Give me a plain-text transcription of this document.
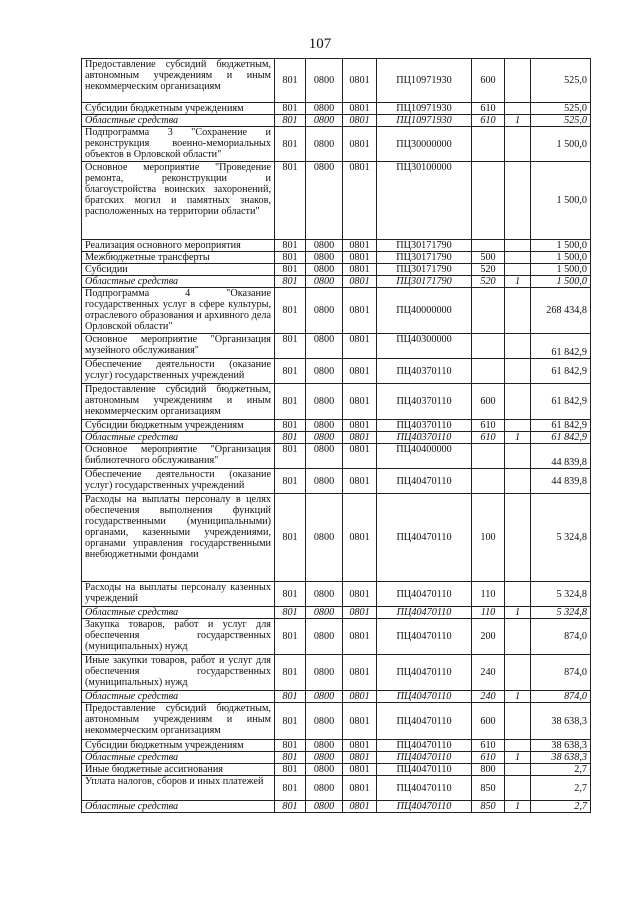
107
Предоставление субсидий бюджетным, автономным учреждениям и иным некоммерческим организациям	801	0800	0801	ПЦ10971930	600		525,0
Субсидии бюджетным учреждениям	801	0800	0801	ПЦ10971930	610		525,0
Областные средства	801	0800	0801	ПЦ10971930	610	1	525,0
Подпрограмма 3 "Сохранение и реконструкция военно-мемориальных объектов в Орловской области"	801	0800	0801	ПЦ30000000			1 500,0
Основное мероприятие "Проведение ремонта, реконструкции и благоустройства воинских захоронений, братских могил и памятных знаков, расположенных на территории области"	801	0800	0801	ПЦ30100000			1 500,0
Реализация основного мероприятия	801	0800	0801	ПЦ30171790			1 500,0
Межбюджетные трансферты	801	0800	0801	ПЦ30171790	500		1 500,0
Субсидии	801	0800	0801	ПЦ30171790	520		1 500,0
Областные средства	801	0800	0801	ПЦ30171790	520	1	1 500,0
Подпрограмма 4 "Оказание государственных услуг в сфере культуры, отраслевого образования и архивного дела Орловской области"	801	0800	0801	ПЦ40000000			268 434,8
Основное мероприятие "Организация музейного обслуживания"	801	0800	0801	ПЦ40300000			61 842,9
Обеспечение деятельности (оказание услуг) государственных учреждений	801	0800	0801	ПЦ40370110			61 842,9
Предоставление субсидий бюджетным, автономным учреждениям и иным некоммерческим организациям	801	0800	0801	ПЦ40370110	600		61 842,9
Субсидии бюджетным учреждениям	801	0800	0801	ПЦ40370110	610		61 842,9
Областные средства	801	0800	0801	ПЦ40370110	610	1	61 842,9
Основное мероприятие "Организация библиотечного обслуживания"	801	0800	0801	ПЦ40400000			44 839,8
Обеспечение деятельности (оказание услуг) государственных учреждений	801	0800	0801	ПЦ40470110			44 839,8
Расходы на выплаты персоналу в целях обеспечения выполнения функций государственными (муниципальными) органами, казенными учреждениями, органами управления государственными внебюджетными фондами	801	0800	0801	ПЦ40470110	100		5 324,8
Расходы на выплаты персоналу казенных учреждений	801	0800	0801	ПЦ40470110	110		5 324,8
Областные средства	801	0800	0801	ПЦ40470110	110	1	5 324,8
Закупка товаров, работ и услуг для обеспечения государственных (муниципальных) нужд	801	0800	0801	ПЦ40470110	200		874,0
Иные закупки товаров, работ и услуг для обеспечения государственных (муниципальных) нужд	801	0800	0801	ПЦ40470110	240		874,0
Областные средства	801	0800	0801	ПЦ40470110	240	1	874,0
Предоставление субсидий бюджетным, автономным учреждениям и иным некоммерческим организациям	801	0800	0801	ПЦ40470110	600		38 638,3
Субсидии бюджетным учреждениям	801	0800	0801	ПЦ40470110	610		38 638,3
Областные средства	801	0800	0801	ПЦ40470110	610	1	38 638,3
Иные бюджетные ассигнования	801	0800	0801	ПЦ40470110	800		2,7
Уплата налогов, сборов и иных платежей	801	0800	0801	ПЦ40470110	850		2,7
Областные средства	801	0800	0801	ПЦ40470110	850	1	2,7
